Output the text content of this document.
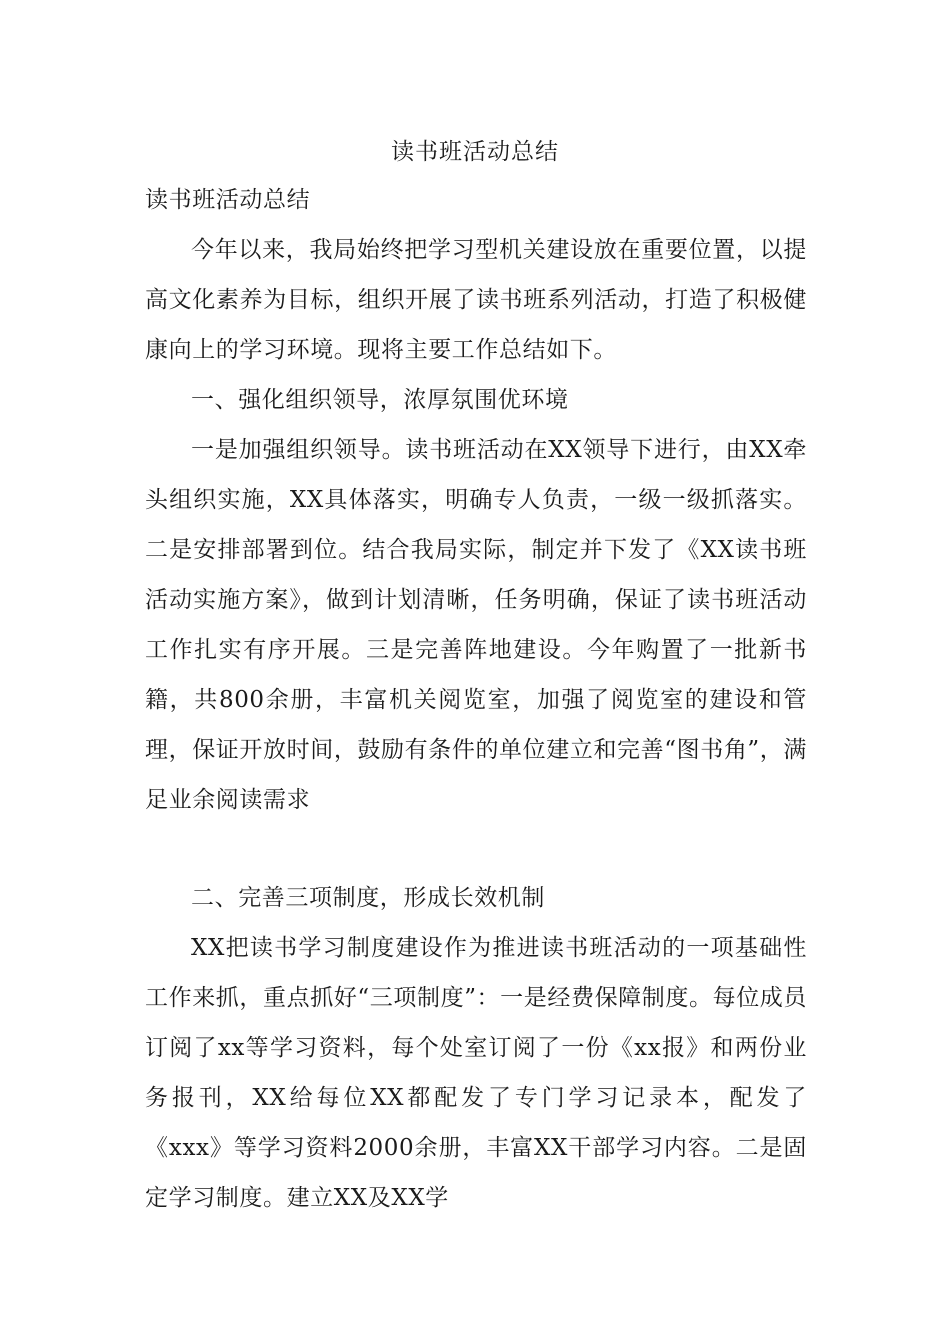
读书班活动总结

读书班活动总结

今年以来，我局始终把学习型机关建设放在重要位置，以提高文化素养为目标，组织开展了读书班系列活动，打造了积极健康向上的学习环境。现将主要工作总结如下。

一、强化组织领导，浓厚氛围优环境

一是加强组织领导。读书班活动在XX领导下进行，由XX牵头组织实施，XX具体落实，明确专人负责，一级一级抓落实。二是安排部署到位。结合我局实际，制定并下发了《XX读书班活动实施方案》，做到计划清晰，任务明确，保证了读书班活动工作扎实有序开展。三是完善阵地建设。今年购置了一批新书籍，共800余册，丰富机关阅览室，加强了阅览室的建设和管理，保证开放时间，鼓励有条件的单位建立和完善“图书角”，满足业余阅读需求

二、完善三项制度，形成长效机制

XX把读书学习制度建设作为推进读书班活动的一项基础性工作来抓，重点抓好“三项制度”：一是经费保障制度。每位成员订阅了xx等学习资料，每个处室订阅了一份《xx报》和两份业务报刊，XX给每位XX都配发了专门学习记录本，配发了《xxx》等学习资料2000余册，丰富XX干部学习内容。二是固定学习制度。建立XX及XX学
